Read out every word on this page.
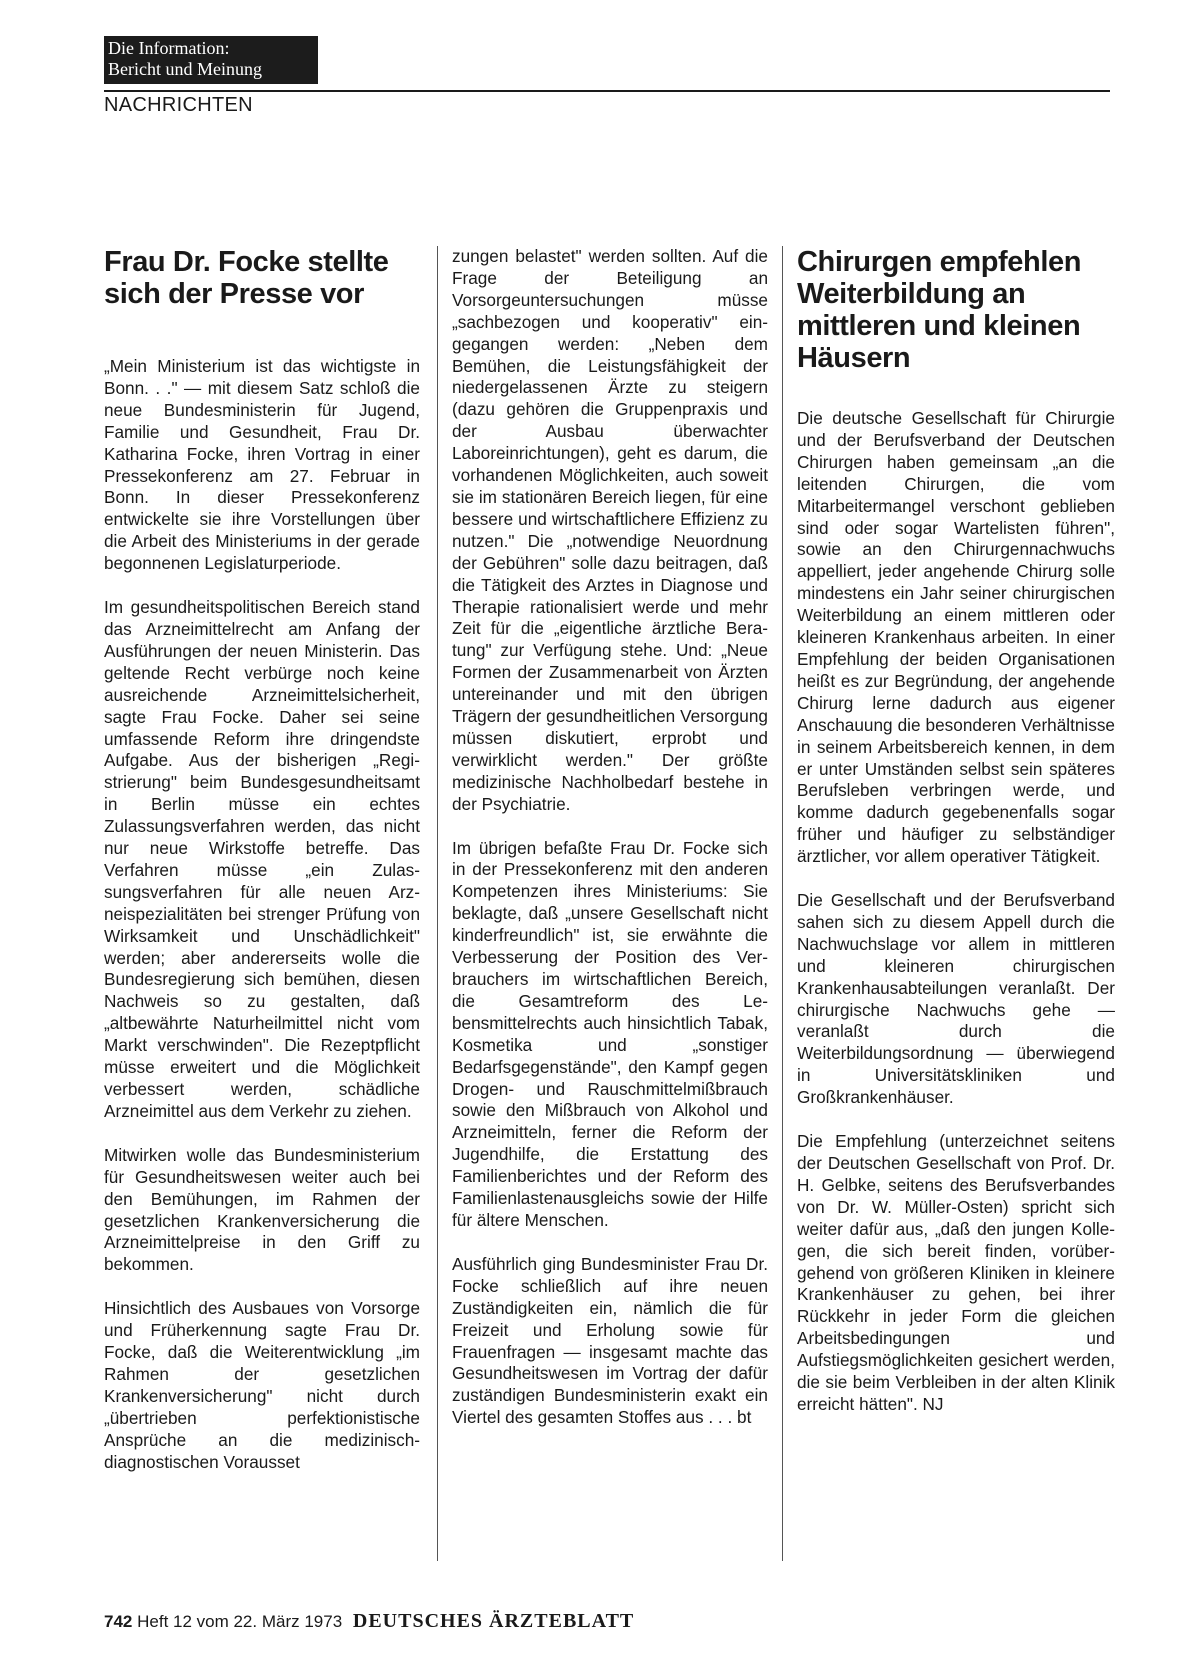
Die Information:
Bericht und Meinung
NACHRICHTEN
Frau Dr. Focke stellte sich der Presse vor

„Mein Ministerium ist das wichtigste in Bonn. . ." — mit diesem Satz schloß die neue Bundesministerin für Jugend, Familie und Gesundheit, Frau Dr. Katharina Focke, ihren Vortrag in einer Pressekonferenz am 27. Februar in Bonn. In dieser Pressekonferenz entwickelte sie ihre Vorstellungen über die Arbeit des Ministeriums in der gerade begonnenen Legislaturperiode.

Im gesundheitspolitischen Bereich stand das Arzneimittelrecht am Anfang der Ausführungen der neuen Ministerin. Das geltende Recht verbürge noch keine ausreichende Arzneimittelsicherheit, sagte Frau Focke. Daher sei seine umfassende Reform ihre dringendste Aufgabe. Aus der bisherigen „Registrierung" beim Bundesgesundheitsamt in Berlin müsse ein echtes Zulassungsverfahren werden, das nicht nur neue Wirkstoffe betreffe. Das Verfahren müsse „ein Zulassungsverfahren für alle neuen Arzneispezialitäten bei strenger Prüfung von Wirksamkeit und Unschädlichkeit" werden; aber andererseits wolle die Bundesregierung sich bemühen, diesen Nachweis so zu gestalten, daß „altbewährte Naturheilmittel nicht vom Markt verschwinden". Die Rezeptpflicht müsse erweitert und die Möglichkeit verbessert werden, schädliche Arzneimittel aus dem Verkehr zu ziehen.

Mitwirken wolle das Bundesministerium für Gesundheitswesen weiter auch bei den Bemühungen, im Rahmen der gesetzlichen Krankenversicherung die Arzneimittelpreise in den Griff zu bekommen.

Hinsichtlich des Ausbaues von Vorsorge und Früherkennung sagte Frau Dr. Focke, daß die Weiterentwicklung „im Rahmen der gesetzlichen Krankenversicherung" nicht durch „übertrieben perfektionistische Ansprüche an die medizinisch-diagnostischen Vorausset

zungen belastet" werden sollten. Auf die Frage der Beteiligung an Vorsorgeuntersuchungen müsse „sachbezogen und kooperativ" eingegangen werden: „Neben dem Bemühen, die Leistungsfähigkeit der niedergelassenen Ärzte zu steigern (dazu gehören die Gruppenpraxis und der Ausbau überwachter Laboreinrichtungen), geht es darum, die vorhandenen Möglichkeiten, auch soweit sie im stationären Bereich liegen, für eine bessere und wirtschaftlichere Effizienz zu nutzen." Die „notwendige Neuordnung der Gebühren" solle dazu beitragen, daß die Tätigkeit des Arztes in Diagnose und Therapie rationalisiert werde und mehr Zeit für die „eigentliche ärztliche Beratung" zur Verfügung stehe. Und: „Neue Formen der Zusammenarbeit von Ärzten untereinander und mit den übrigen Trägern der gesundheitlichen Versorgung müssen diskutiert, erprobt und verwirklicht werden." Der größte medizinische Nachholbedarf bestehe in der Psychiatrie.

Im übrigen befaßte Frau Dr. Focke sich in der Pressekonferenz mit den anderen Kompetenzen ihres Ministeriums: Sie beklagte, daß „unsere Gesellschaft nicht kinderfreundlich" ist, sie erwähnte die Verbesserung der Position des Verbrauchers im wirtschaftlichen Bereich, die Gesamtreform des Lebensmittelrechts auch hinsichtlich Tabak, Kosmetika und „sonstiger Bedarfsgegenstände", den Kampf gegen Drogen- und Rauschmittelmißbrauch sowie den Mißbrauch von Alkohol und Arzneimitteln, ferner die Reform der Jugendhilfe, die Erstattung des Familienberichtes und der Reform des Familienlastenausgleichs sowie der Hilfe für ältere Menschen.

Ausführlich ging Bundesminister Frau Dr. Focke schließlich auf ihre neuen Zuständigkeiten ein, nämlich die für Freizeit und Erholung sowie für Frauenfragen — insgesamt machte das Gesundheitswesen im Vortrag der dafür zuständigen Bundesministerin exakt ein Viertel des gesamten Stoffes aus . . . bt

Chirurgen empfehlen Weiterbildung an mittleren und kleinen Häusern

Die deutsche Gesellschaft für Chirurgie und der Berufsverband der Deutschen Chirurgen haben gemeinsam „an die leitenden Chirurgen, die vom Mitarbeitermangel verschont geblieben sind oder sogar Wartelisten führen", sowie an den Chirurgennachwuchs appelliert, jeder angehende Chirurg solle mindestens ein Jahr seiner chirurgischen Weiterbildung an einem mittleren oder kleineren Krankenhaus arbeiten. In einer Empfehlung der beiden Organisationen heißt es zur Begründung, der angehende Chirurg lerne dadurch aus eigener Anschauung die besonderen Verhältnisse in seinem Arbeitsbereich kennen, in dem er unter Umständen selbst sein späteres Berufsleben verbringen werde, und komme dadurch gegebenenfalls sogar früher und häufiger zu selbständiger ärztlicher, vor allem operativer Tätigkeit.

Die Gesellschaft und der Berufsverband sahen sich zu diesem Appell durch die Nachwuchslage vor allem in mittleren und kleineren chirurgischen Krankenhausabteilungen veranlaßt. Der chirurgische Nachwuchs gehe — veranlaßt durch die Weiterbildungsordnung — überwiegend in Universitätskliniken und Großkrankenhäuser.

Die Empfehlung (unterzeichnet seitens der Deutschen Gesellschaft von Prof. Dr. H. Gelbke, seitens des Berufsverbandes von Dr. W. Müller-Osten) spricht sich weiter dafür aus, „daß den jungen Kollegen, die sich bereit finden, vorübergehend von größeren Kliniken in kleinere Krankenhäuser zu gehen, bei ihrer Rückkehr in jeder Form die gleichen Arbeitsbedingungen und Aufstiegsmöglichkeiten gesichert werden, die sie beim Verbleiben in der alten Klinik erreicht hätten". NJ

742 Heft 12 vom 22. März 1973 DEUTSCHES ÄRZTEBLATT
